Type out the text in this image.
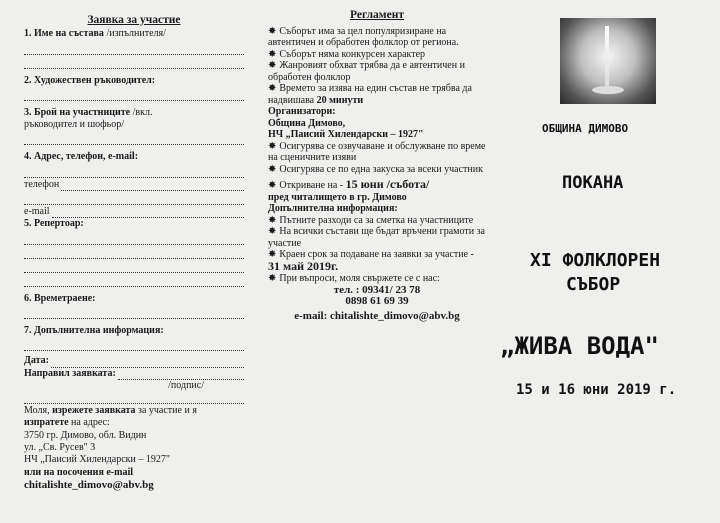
Заявка за участие
1. Име на състава /изпълнителя/
2. Художествен ръководител:
3. Брой на участниците /вкл.
ръководител и шофьор/
4. Адрес, телефон, e-mail:
телефон
e-mail
5. Репертоар:
6. Времетраене:
7. Допълнителна информация:
Дата:
Направил заявката:
/подпис/
Моля, изрежете заявката за участие и я
изпратете на адрес:
3750 гр. Димово, обл. Видин
ул. „Св. Русев" 3
НЧ „Паисий Хилендарски – 1927"
или на посочения e-mail
chitalishte_dimovo@abv.bg
Регламент
✸ Съборът има за цел популяризиране на автентичен и обработен фолклор от региона.
✸ Съборът няма конкурсен характер
✸ Жанровият обхват трябва да е автентичен и обработен фолклор
✸ Времето за изява на един състав не трябва да надвишава 20 минути
Организатори:
Община Димово,
НЧ „Паисий Хилендарски – 1927"
✸ Осигурява се озвучаване и обслужване по време на сценичните изяви
✸ Осигурява се по една закуска за всеки участник
✸ Откриване на - 15 юни /събота/
пред читалището в гр. Димово
Допълнителна информация:
✸ Пътните разходи са за сметка на участниците
✸ На всички състави ще бъдат връчени грамоти за участие
✸ Краен срок за подаване на заявки за участие - 31 май 2019г.
✸ При въпроси, моля свържете се с нас:
тел. : 09341/ 23 78
0898 61 69 39
e-mail: chitalishte_dimovo@abv.bg
ОБЩИНА ДИМОВО
ПОКАНА
XI ФОЛКЛОРЕН
СЪБОР
„ЖИВА ВОДА"
15 и 16 юни 2019 г.
